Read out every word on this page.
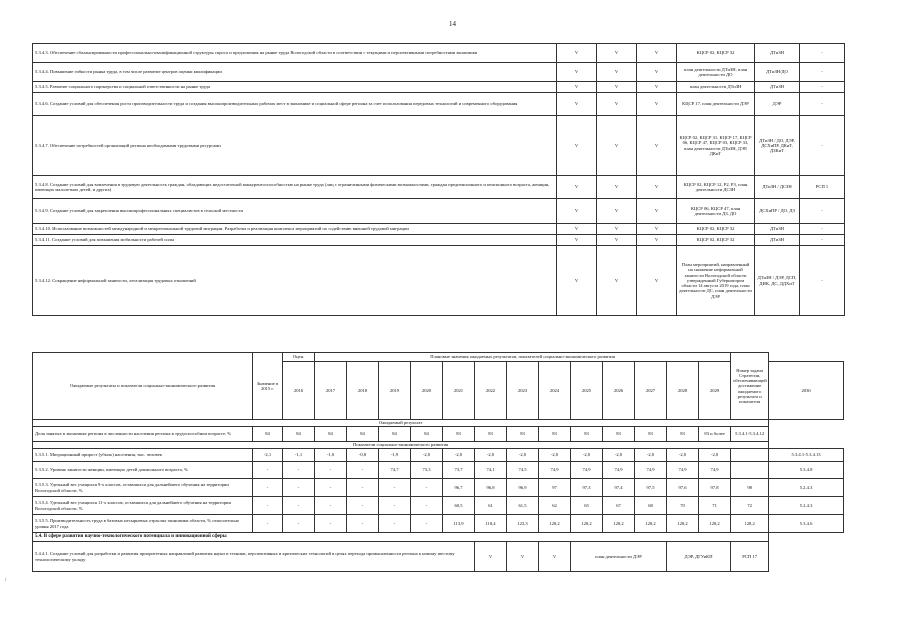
14
5.3.4.3. Обеспечение сбалансированности профессионально-квалификационной структуры спроса и предложения на рынке труда Вологодской области в соответствии с текущими и перспективными потребностями экономики	V	V	V	КЦСР 02, КЦСР 32	ДТиЗН	-
5.3.4.4. Повышение гибкости рынка труда, в том числе развитие центров оценки квалификации	V	V	V	план деятельности ДТиЗН, план деятельности ДО	ДТиЗН/ДО	-
5.3.4.5. Развитие социального партнерства и социальной ответственности на рынке труда	V	V	V	план деятельности ДТиЗН	ДТиЗН	-
5.3.4.6. Создание условий для обеспечения роста производительности труда и создания высокопроизводительных рабочих мест в экономике и социальной сфере региона за счет использования передовых технологий и современного оборудования	V	V	V	КЦСР 17, план деятельности ДЭР	ДЭР	-
5.3.4.7. Обеспечение потребностей организаций региона необходимыми трудовыми ресурсами	V	V	V	КЦСР 02, КЦСР 31, КЦСР 17, КЦСР 06, КЦСР 47, КЦСР 03, КЦСР 33, план деятельности ДТиЗН, ДЭР, ДКиТ	ДТиЗН / ДО, ДЭР, ДСХиПР, ДКиТ, ДЗКиТ	-
5.3.4.8. Создание условий для вовлечения в трудовую деятельность граждан, обладающих недостаточной конкурентоспособностью на рынке труда (лиц с ограниченными физическими возможностями, граждан предпенсионного и пенсионного возраста, женщин, имеющих малолетних детей, и других)	V	V	V	КЦСР 02, КЦСР 12, Р2, Р3, план деятельности ДСЗН	ДТиЗН / ДСЗН	РСП 1
5.3.4.9. Создание условий для закрепления высокопрофессиональных специалистов в сельской местности	V	V	V	КЦСР 06, КЦСР 47, план деятельности ДЗ, ДО	ДСХиПР / ДО, ДЗ	-
5.3.4.10. Использование возможностей международной и межрегиональной трудовой миграции. Разработка и реализация комплекса мероприятий по содействию внешней трудовой миграции	V	V	V	КЦСР 02, КЦСР 32	ДТиЗН	-
5.3.4.11. Создание условий для повышения мобильности рабочей силы	V	V	V	КЦСР 02, КЦСР 32	ДТиЗН	-
5.3.4.12. Сокращение неформальной занятости, легализация трудовых отношений	V	V	V	План мероприятий, направленный на снижение неформальной занятости Вологодской области утвержденный Губернатором области 14 августа 2019 года, план деятельности ДС, план деятельности ДЭР	ДТиЗН / ДЭР, ДСП, ДИК, ДС, ДДХиТ	-
Ожидаемые результаты и показатели социально-экономического развития	Значение в 2015 г.	Оцен.	Плановые значения ожидаемых результатов, показателей социально-экономического развития													Номер задачи Стратегии, обеспечивающей достижение ожидаемого результата и показателя	
		2016	2017	2018	2019	2020	2021	2022	2023	2024	2025	2026	2027	2028	2029		2030
Ожидаемый результат																	
Доля занятых в экономике региона в численности населения региона в трудоспособном возрасте, %	84	84	84	84	84	84	83	83	83	83	83	83	83	83	83 и более	5.3.4.1-5.3.4.12	
Показатели социально-экономического развития																	
5.3.5.1. Миграционный прирост (убыль) населения, тыс. человек	-2,1	-1,1	-1,0	-0,8	-1,9	-2,0	-2,0	-2,0	-2,0	-2,0	-2,0	-2,0	-2,0	-2,0	-2,0		5.3.4.1-5.3.4.13
5.3.5.2. Уровень занятости женщин, имеющих детей дошкольного возраста, %	-	-	-	-	74,7	73,3	73,7	74,1	74,5	74,9	74,9	74,9	74,9	74,9	74,9		5.3.4.8
5.3.5.3. Удельный вес учащихся 9-х классов, оставшихся для дальнейшего обучения на территории Вологодской области, %	-	-	-	-	-	-	96,7	96,8	96,9	97	97,3	97,4	97,5	97,6	97,8	98	5.2.4.3
5.3.5.4. Удельный вес учащихся 11-х классов, оставшихся для дальнейшего обучения на территории Вологодской области, %	-	-	-	-	-	-	60,5	61	61,5	62	65	67	68	70	71	72	5.2.4.3
5.3.5.5. Производительность труда в базовых несырьевых отраслях экономики области, % относительно уровня 2017 года	-	-	-	-	-	-	113,9	118,4	123,3	128,2	128,2	128,2	128,2	128,2	128,2	128,2	5.3.4.6
5.4. В сфере развития научно-технологического потенциала и инновационной сферы																	
5.4.4.1. Создание условий для разработки и развития приоритетных направлений развития науки и техники, перспективных и критических технологий в целях перехода промышленности региона к новому шестому технологическому укладу								V	V	V	план деятельности ДЭР			ДЭР, ДГУиКП		РСП 17	
⁝
